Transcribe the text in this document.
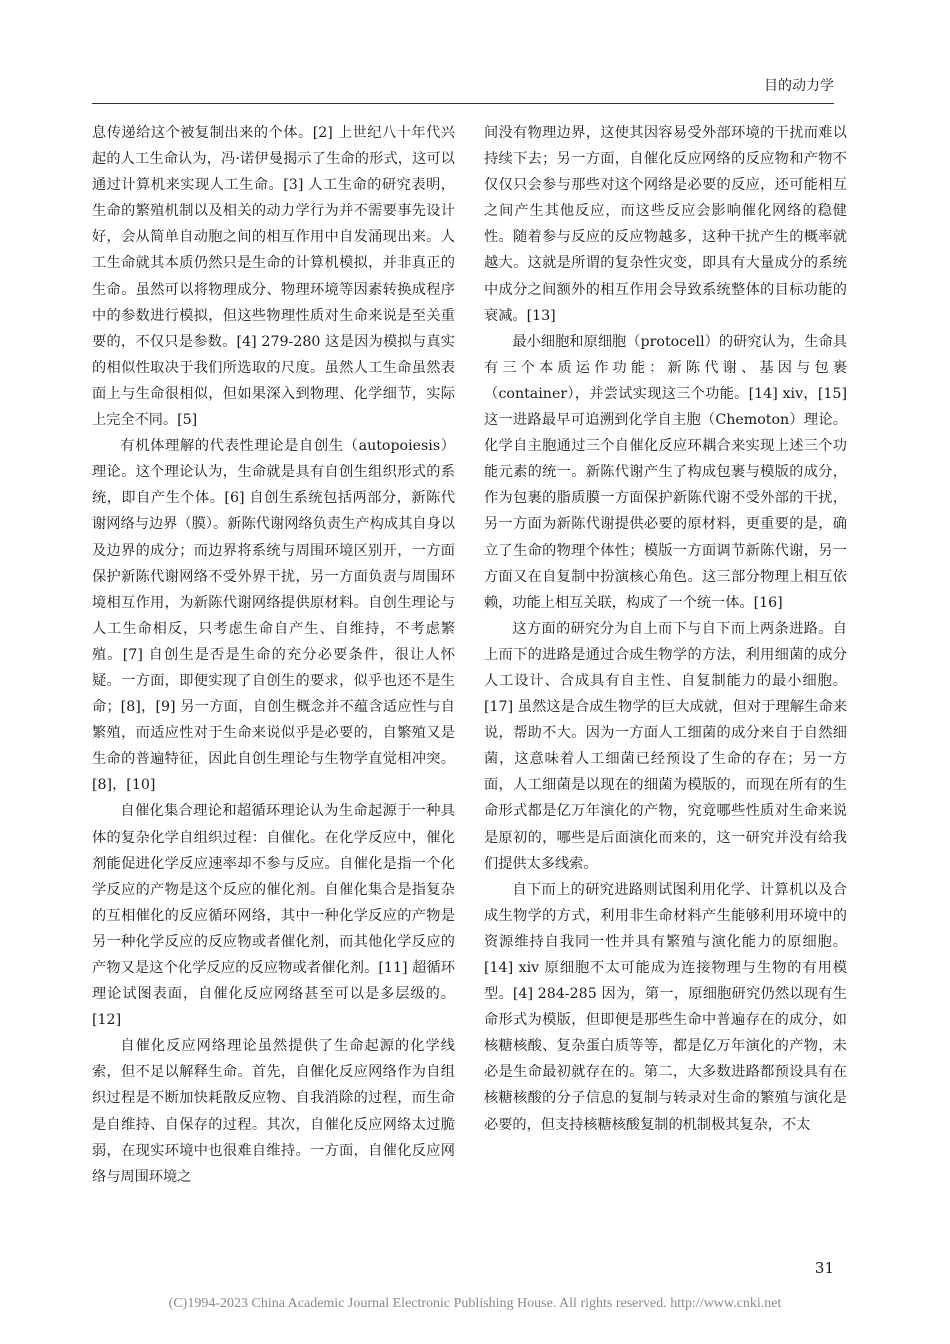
目的动力学

息传递给这个被复制出来的个体。[2] 上世纪八十年代兴起的人工生命认为，冯·诺伊曼揭示了生命的形式，这可以通过计算机来实现人工生命。[3] 人工生命的研究表明，生命的繁殖机制以及相关的动力学行为并不需要事先设计好，会从简单自动胞之间的相互作用中自发涌现出来。人工生命就其本质仍然只是生命的计算机模拟，并非真正的生命。虽然可以将物理成分、物理环境等因素转换成程序中的参数进行模拟，但这些物理性质对生命来说是至关重要的，不仅只是参数。[4] 279-280 这是因为模拟与真实的相似性取决于我们所选取的尺度。虽然人工生命虽然表面上与生命很相似，但如果深入到物理、化学细节，实际上完全不同。[5]

有机体理解的代表性理论是自创生（autopoiesis）理论。这个理论认为，生命就是具有自创生组织形式的系统，即自产生个体。[6] 自创生系统包括两部分，新陈代谢网络与边界（膜）。新陈代谢网络负责生产构成其自身以及边界的成分；而边界将系统与周围环境区别开，一方面保护新陈代谢网络不受外界干扰，另一方面负责与周围环境相互作用，为新陈代谢网络提供原材料。自创生理论与人工生命相反，只考虑生命自产生、自维持，不考虑繁殖。[7] 自创生是否是生命的充分必要条件，很让人怀疑。一方面，即便实现了自创生的要求，似乎也还不是生命；[8]，[9] 另一方面，自创生概念并不蕴含适应性与自繁殖，而适应性对于生命来说似乎是必要的，自繁殖又是生命的普遍特征，因此自创生理论与生物学直觉相冲突。[8]，[10]

自催化集合理论和超循环理论认为生命起源于一种具体的复杂化学自组织过程：自催化。在化学反应中，催化剂能促进化学反应速率却不参与反应。自催化是指一个化学反应的产物是这个反应的催化剂。自催化集合是指复杂的互相催化的反应循环网络，其中一种化学反应的产物是另一种化学反应的反应物或者催化剂，而其他化学反应的产物又是这个化学反应的反应物或者催化剂。[11] 超循环理论试图表面，自催化反应网络甚至可以是多层级的。[12]

自催化反应网络理论虽然提供了生命起源的化学线索，但不足以解释生命。首先，自催化反应网络作为自组织过程是不断加快耗散反应物、自我消除的过程，而生命是自维持、自保存的过程。其次，自催化反应网络太过脆弱，在现实环境中也很难自维持。一方面，自催化反应网络与周围环境之

间没有物理边界，这使其因容易受外部环境的干扰而难以持续下去；另一方面，自催化反应网络的反应物和产物不仅仅只会参与那些对这个网络是必要的反应，还可能相互之间产生其他反应，而这些反应会影响催化网络的稳健性。随着参与反应的反应物越多，这种干扰产生的概率就越大。这就是所谓的复杂性灾变，即具有大量成分的系统中成分之间额外的相互作用会导致系统整体的目标功能的衰减。[13]

最小细胞和原细胞（protocell）的研究认为，生命具有三个本质运作功能：新陈代谢、基因与包裹（container），并尝试实现这三个功能。[14] xiv，[15] 这一进路最早可追溯到化学自主胞（Chemoton）理论。化学自主胞通过三个自催化反应环耦合来实现上述三个功能元素的统一。新陈代谢产生了构成包裹与模版的成分，作为包裹的脂质膜一方面保护新陈代谢不受外部的干扰，另一方面为新陈代谢提供必要的原材料，更重要的是，确立了生命的物理个体性；模版一方面调节新陈代谢，另一方面又在自复制中扮演核心角色。这三部分物理上相互依赖，功能上相互关联，构成了一个统一体。[16]

这方面的研究分为自上而下与自下而上两条进路。自上而下的进路是通过合成生物学的方法，利用细菌的成分人工设计、合成具有自主性、自复制能力的最小细胞。[17] 虽然这是合成生物学的巨大成就，但对于理解生命来说，帮助不大。因为一方面人工细菌的成分来自于自然细菌，这意味着人工细菌已经预设了生命的存在；另一方面，人工细菌是以现在的细菌为模版的，而现在所有的生命形式都是亿万年演化的产物，究竟哪些性质对生命来说是原初的，哪些是后面演化而来的，这一研究并没有给我们提供太多线索。

自下而上的研究进路则试图利用化学、计算机以及合成生物学的方式，利用非生命材料产生能够利用环境中的资源维持自我同一性并具有繁殖与演化能力的原细胞。[14] xiv 原细胞不太可能成为连接物理与生物的有用模型。[4] 284-285 因为，第一，原细胞研究仍然以现有生命形式为模版，但即便是那些生命中普遍存在的成分，如核糖核酸、复杂蛋白质等等，都是亿万年演化的产物，未必是生命最初就存在的。第二，大多数进路都预设具有在核糖核酸的分子信息的复制与转录对生命的繁殖与演化是必要的，但支持核糖核酸复制的机制极其复杂，不太

31
(C)1994-2023 China Academic Journal Electronic Publishing House. All rights reserved. http://www.cnki.net
